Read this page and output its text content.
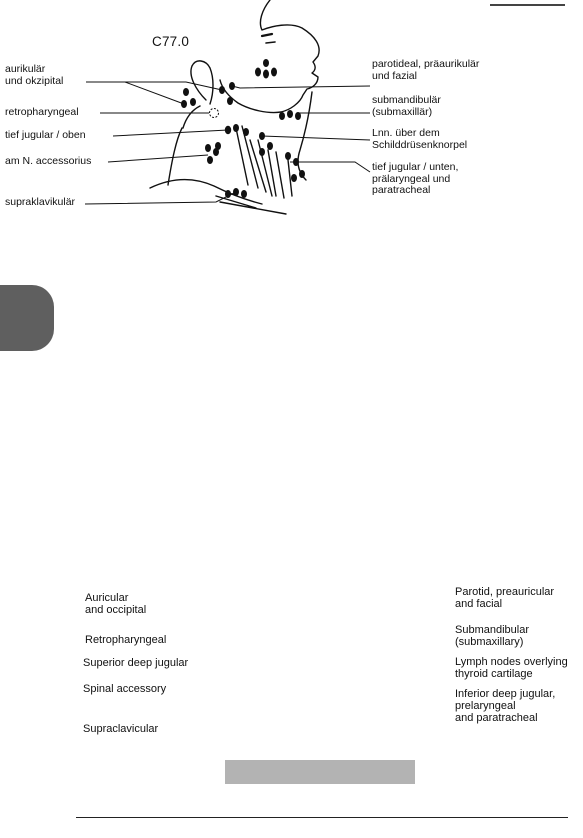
C77.0
aurikulär
und okzipital
retropharyngeal
tief jugular / oben
am N. accessorius
supraklavikulär
parotideal, präaurikulär
und fazial
submandibulär
(submaxillär)
Lnn. über dem
Schilddrüsenknorpel
tief jugular / unten,
prälaryngeal und
paratracheal
Auricular
and occipital
Retropharyngeal
Superior deep jugular
Spinal accessory
Supraclavicular
Parotid, preauricular
and facial
Submandibular
(submaxillary)
Lymph nodes overlying
thyroid cartilage
Inferior deep jugular,
prelaryngeal
and paratracheal
